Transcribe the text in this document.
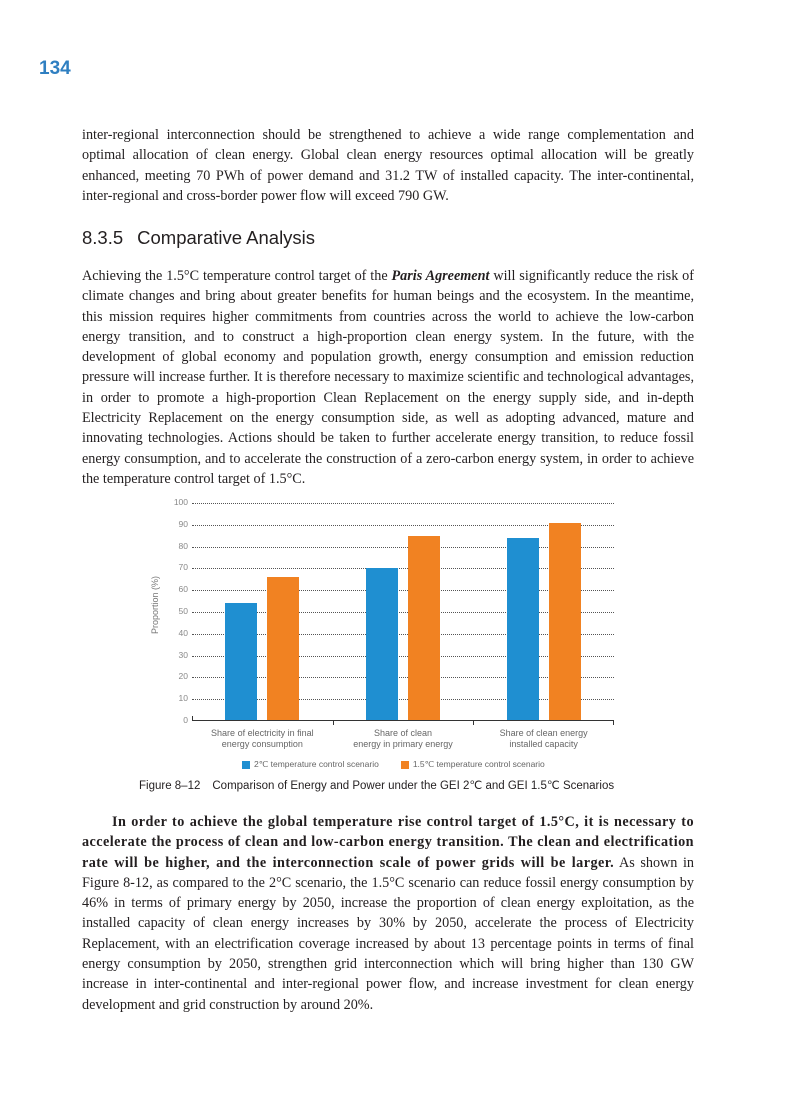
134

inter-regional interconnection should be strengthened to achieve a wide range complementation and optimal allocation of clean energy. Global clean energy resources optimal allocation will be greatly enhanced, meeting 70 PWh of power demand and 31.2 TW of installed capacity. The inter-continental, inter-regional and cross-border power flow will exceed 790 GW.

8.3.5 Comparative Analysis

Achieving the 1.5°C temperature control target of the Paris Agreement will significantly reduce the risk of climate changes and bring about greater benefits for human beings and the ecosystem. In the meantime, this mission requires higher commitments from countries across the world to achieve the low-carbon energy transition, and to construct a high-proportion clean energy system. In the future, with the development of global economy and population growth, energy consumption and emission reduction pressure will increase further. It is therefore necessary to maximize scientific and technological advantages, in order to promote a high-proportion Clean Replacement on the energy supply side, and in-depth Electricity Replacement on the energy consumption side, as well as adopting advanced, mature and innovating technologies. Actions should be taken to further accelerate energy transition, to reduce fossil energy consumption, and to accelerate the construction of a zero-carbon energy system, in order to achieve the temperature control target of 1.5°C.

Proportion (%)
0
10
20
30
40
50
60
70
80
90
100
2℃ temperature control scenario	1.5℃ temperature control scenario
Share of electricity in final
energy consumption
Share of clean
energy in primary energy
Share of clean energy
installed capacity
Figure 8–12 Comparison of Energy and Power under the GEI 2℃ and GEI 1.5℃ Scenarios

In order to achieve the global temperature rise control target of 1.5°C, it is necessary to accelerate the process of clean and low-carbon energy transition. The clean and electrification rate will be higher, and the interconnection scale of power grids will be larger. As shown in Figure 8-12, as compared to the 2°C scenario, the 1.5°C scenario can reduce fossil energy consumption by 46% in terms of primary energy by 2050, increase the proportion of clean energy exploitation, as the installed capacity of clean energy increases by 30% by 2050, accelerate the process of Electricity Replacement, with an electrification coverage increased by about 13 percentage points in terms of final energy consumption by 2050, strengthen grid interconnection which will bring higher than 130 GW increase in inter-continental and inter-regional power flow, and increase investment for clean energy development and grid construction by around 20%.
